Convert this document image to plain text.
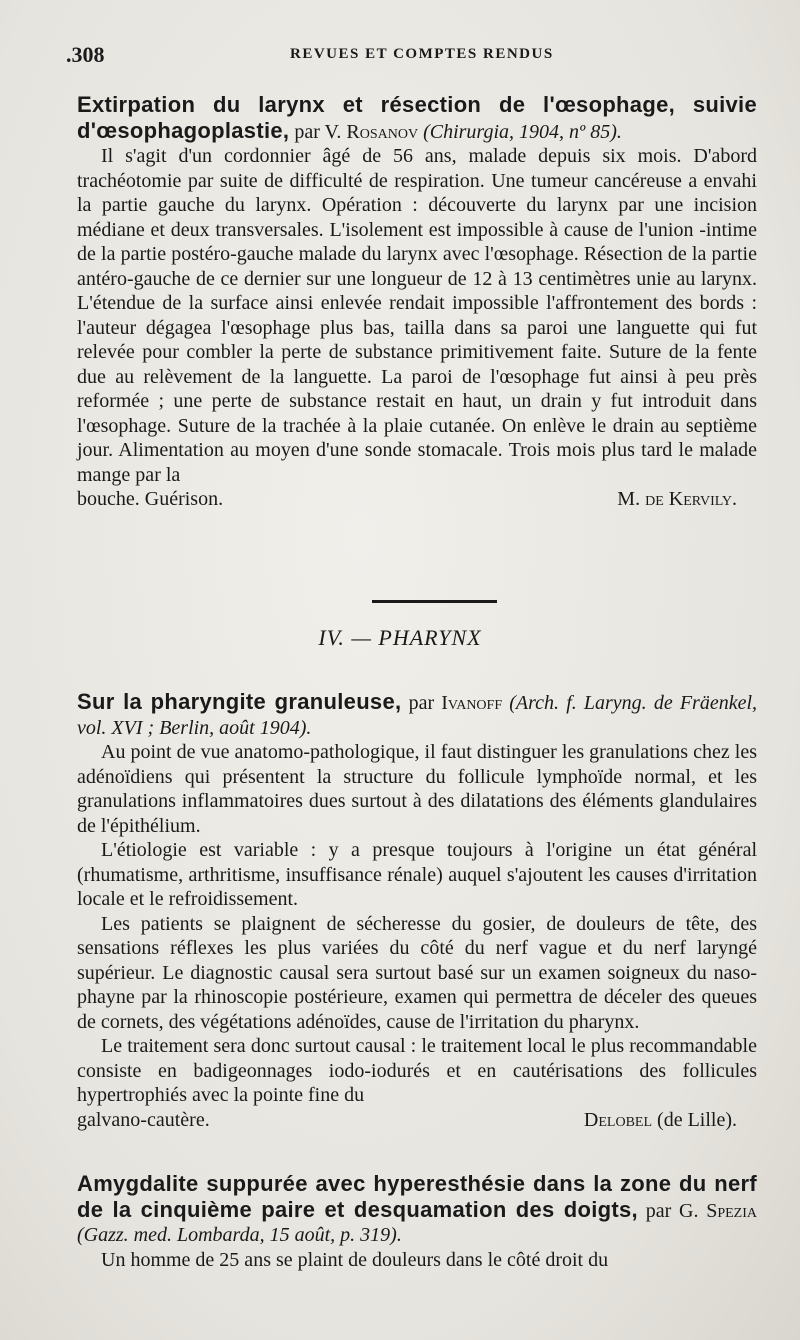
.308	REVUES ET COMPTES RENDUS

Extirpation du larynx et résection de l'œsophage, suivie d'œsophagoplastie, par V. Rosanov (Chirurgia, 1904, nº 85).

Il s'agit d'un cordonnier âgé de 56 ans, malade depuis six mois. D'abord trachéotomie par suite de difficulté de respiration. Une tumeur cancéreuse a envahi la partie gauche du larynx. Opération : découverte du larynx par une incision médiane et deux transversales. L'isolement est impossible à cause de l'union -intime de la partie postéro-gauche malade du larynx avec l'œsophage. Résection de la partie antéro-gauche de ce dernier sur une longueur de 12 à 13 centimètres unie au larynx. L'étendue de la surface ainsi enlevée rendait impossible l'affrontement des bords : l'auteur dégagea l'œsophage plus bas, tailla dans sa paroi une languette qui fut relevée pour combler la perte de substance primitivement faite. Suture de la fente due au relèvement de la languette. La paroi de l'œsophage fut ainsi à peu près reformée ; une perte de substance restait en haut, un drain y fut introduit dans l'œsophage. Suture de la trachée à la plaie cutanée. On enlève le drain au septième jour. Alimentation au moyen d'une sonde stomacale. Trois mois plus tard le malade mange par la

bouche. Guérison.	M. de Kervily.

IV. — PHARYNX

Sur la pharyngite granuleuse, par Ivanoff (Arch. f. Laryng. de Fräenkel, vol. XVI ; Berlin, août 1904).

Au point de vue anatomo-pathologique, il faut distinguer les granulations chez les adénoïdiens qui présentent la structure du follicule lymphoïde normal, et les granulations inflammatoires dues surtout à des dilatations des éléments glandulaires de l'épithélium.

L'étiologie est variable : y a presque toujours à l'origine un état général (rhumatisme, arthritisme, insuffisance rénale) auquel s'ajoutent les causes d'irritation locale et le refroidissement.

Les patients se plaignent de sécheresse du gosier, de douleurs de tête, des sensations réflexes les plus variées du côté du nerf vague et du nerf laryngé supérieur. Le diagnostic causal sera surtout basé sur un examen soigneux du naso-phayne par la rhinoscopie postérieure, examen qui permettra de déceler des queues de cornets, des végétations adénoïdes, cause de l'irritation du pharynx.

Le traitement sera donc surtout causal : le traitement local le plus recommandable consiste en badigeonnages iodo-iodurés et en cautérisations des follicules hypertrophiés avec la pointe fine du

galvano-cautère.	Delobel (de Lille).

Amygdalite suppurée avec hyperesthésie dans la zone du nerf de la cinquième paire et desquamation des doigts, par G. Spezia (Gazz. med. Lombarda, 15 août, p. 319).

Un homme de 25 ans se plaint de douleurs dans le côté droit du
